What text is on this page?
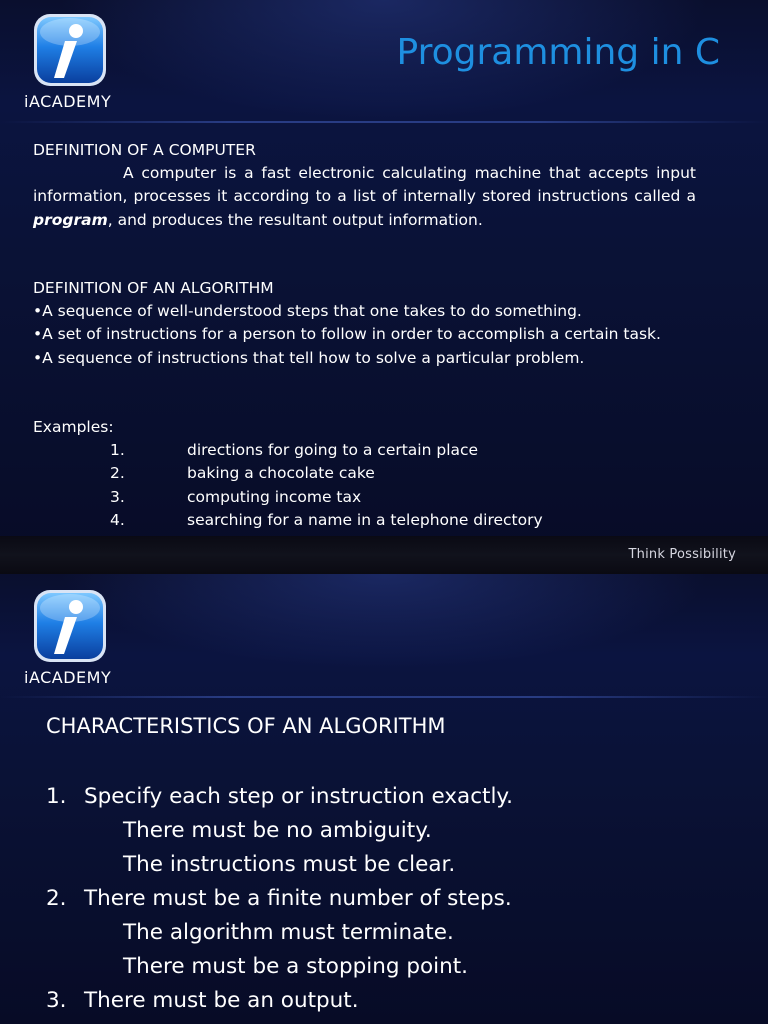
iACADEMY
Programming in C
DEFINITION OF A COMPUTER
A computer is a fast electronic calculating machine that accepts input information, processes it according to a list of internally stored instructions called a program, and produces the resultant output information.
DEFINITION OF AN ALGORITHM
•A sequence of well-understood steps that one takes to do something.
•A set of instructions for a person to follow in order to accomplish a certain task.
•A sequence of instructions that tell how to solve a particular problem.
Examples:
1.	directions for going to a certain place
2.	baking a chocolate cake
3.	computing income tax
4.	searching for a name in a telephone directory
Think Possibility
iACADEMY
CHARACTERISTICS OF AN ALGORITHM
1. Specify each step or instruction exactly.
There must be no ambiguity.
The instructions must be clear.
2. There must be a finite number of steps.
The algorithm must terminate.
There must be a stopping point.
3. There must be an output.
